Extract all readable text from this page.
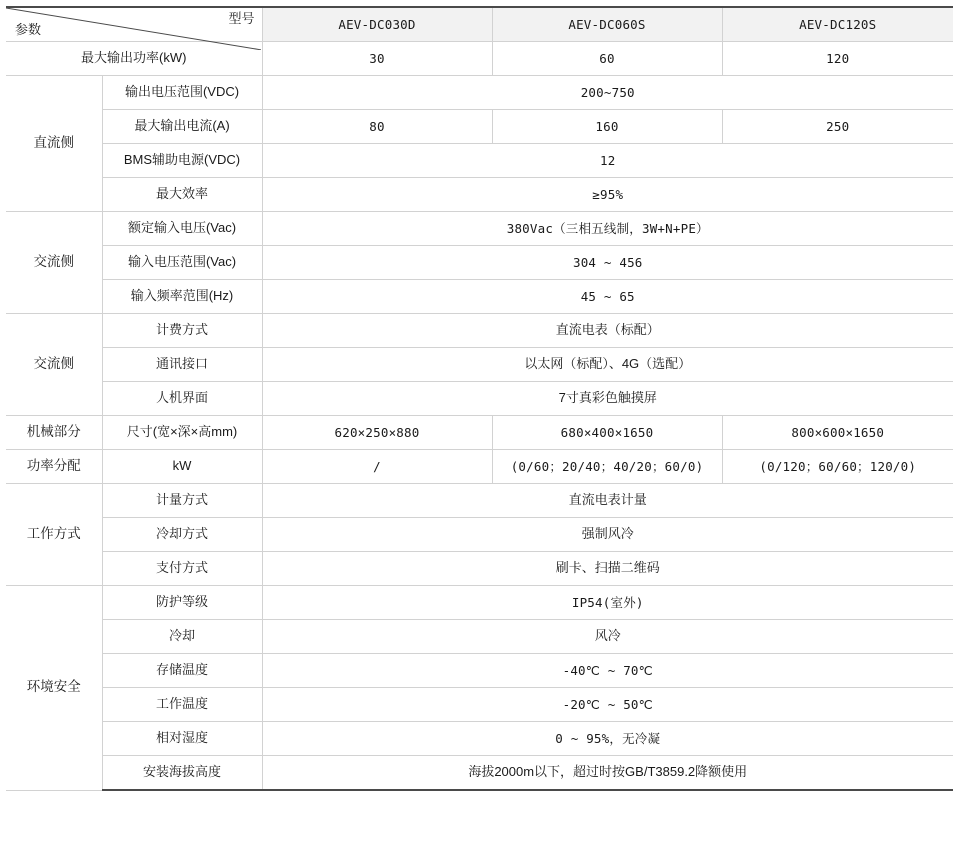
型号
参数		AEV-DC030D	AEV-DC060S	AEV-DC120S
最大输出功率(kW)		30	60	120
直流侧	输出电压范围(VDC)	200~750		
	最大输出电流(A)	80	160	250
	BMS辅助电源(VDC)	12		
	最大效率	≥95%		
交流侧	额定输入电压(Vac)	380Vac（三相五线制，3W+N+PE）		
	输入电压范围(Vac)	304 ~ 456		
	输入频率范围(Hz)	45 ~ 65		
交流侧	计费方式	直流电表（标配）		
	通讯接口	以太网（标配）、4G（选配）		
	人机界面	7寸真彩色触摸屏		
机械部分	尺寸(宽×深×高mm)	620×250×880	680×400×1650	800×600×1650
功率分配	kW	/	(0/60；20/40；40/20；60/0)	(0/120；60/60；120/0)
工作方式	计量方式	直流电表计量		
	冷却方式	强制风冷		
	支付方式	刷卡、扫描二维码		
环境安全	防护等级	IP54(室外)		
	冷却	风冷		
	存储温度	-40℃ ~ 70℃		
	工作温度	-20℃ ~ 50℃		
	相对湿度	0 ~ 95%，无冷凝		
	安装海拔高度	海拔2000m以下，超过时按GB/T3859.2降额使用		
